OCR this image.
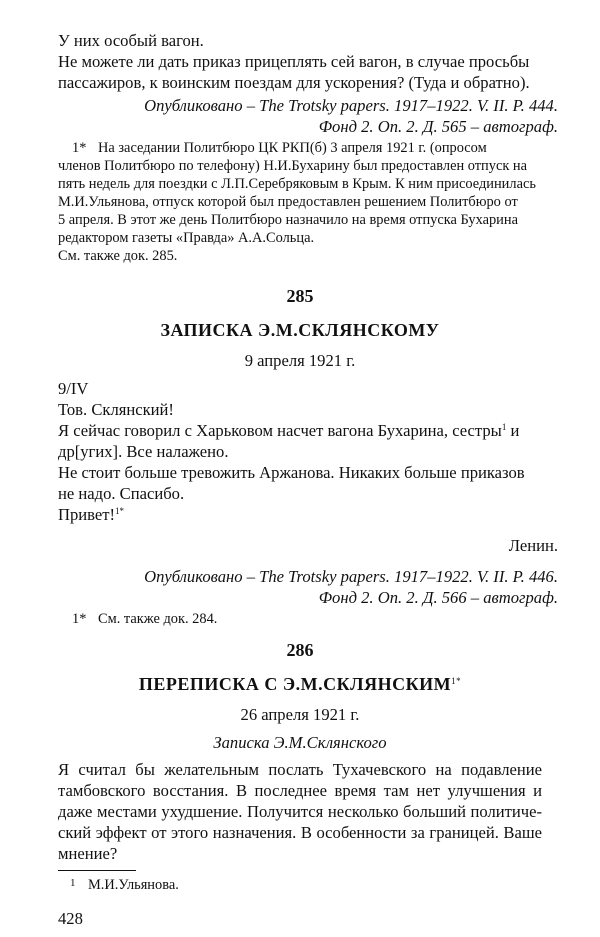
У них особый вагон.
Не можете ли дать приказ прицеплять сей вагон, в случае просьбы
пассажиров, к воинским поездам для ускорения? (Туда и обратно).
Опубликовано – The Trotsky papers. 1917–1922. V. II. P. 444.
Фонд 2. Оп. 2. Д. 565 – автограф.
1* На заседании Политбюро ЦК РКП(б) 3 апреля 1921 г. (опросом
членов Политбюро по телефону) Н.И.Бухарину был предоставлен отпуск на
пять недель для поездки с Л.П.Серебряковым в Крым. К ним присоединилась
М.И.Ульянова, отпуск которой был предоставлен решением Политбюро от
5 апреля. В этот же день Политбюро назначило на время отпуска Бухарина
редактором газеты «Правда» А.А.Сольца.
См. также док. 285.
285
ЗАПИСКА Э.М.СКЛЯНСКОМУ
9 апреля 1921 г.
9/IV
Тов. Склянский!
Я сейчас говорил с Харьковом насчет вагона Бухарина, сестры$^1$ и
др[угих]. Все налажено.
Не стоит больше тревожить Аржанова. Никаких больше приказов
не надо. Спасибо.
Привет!$^{1*}$
Ленин.
Опубликовано – The Trotsky papers. 1917–1922. V. II. P. 446.
Фонд 2. Оп. 2. Д. 566 – автограф.
1* См. также док. 284.
286
ПЕРЕПИСКА С $Э.М.СКЛЯНСКИМ^{1*}$
26 апреля 1921 г.
Записка Э.М.Склянского
Я считал бы желательным послать Тухачевского на подавление
тамбовского восстания. В последнее время там нет улучшения и
даже местами ухудшение. Получится несколько больший политиче-
ский эффект от этого назначения. В особенности за границей. Ваше
мнение?
1 М.И.Ульянова.
428
